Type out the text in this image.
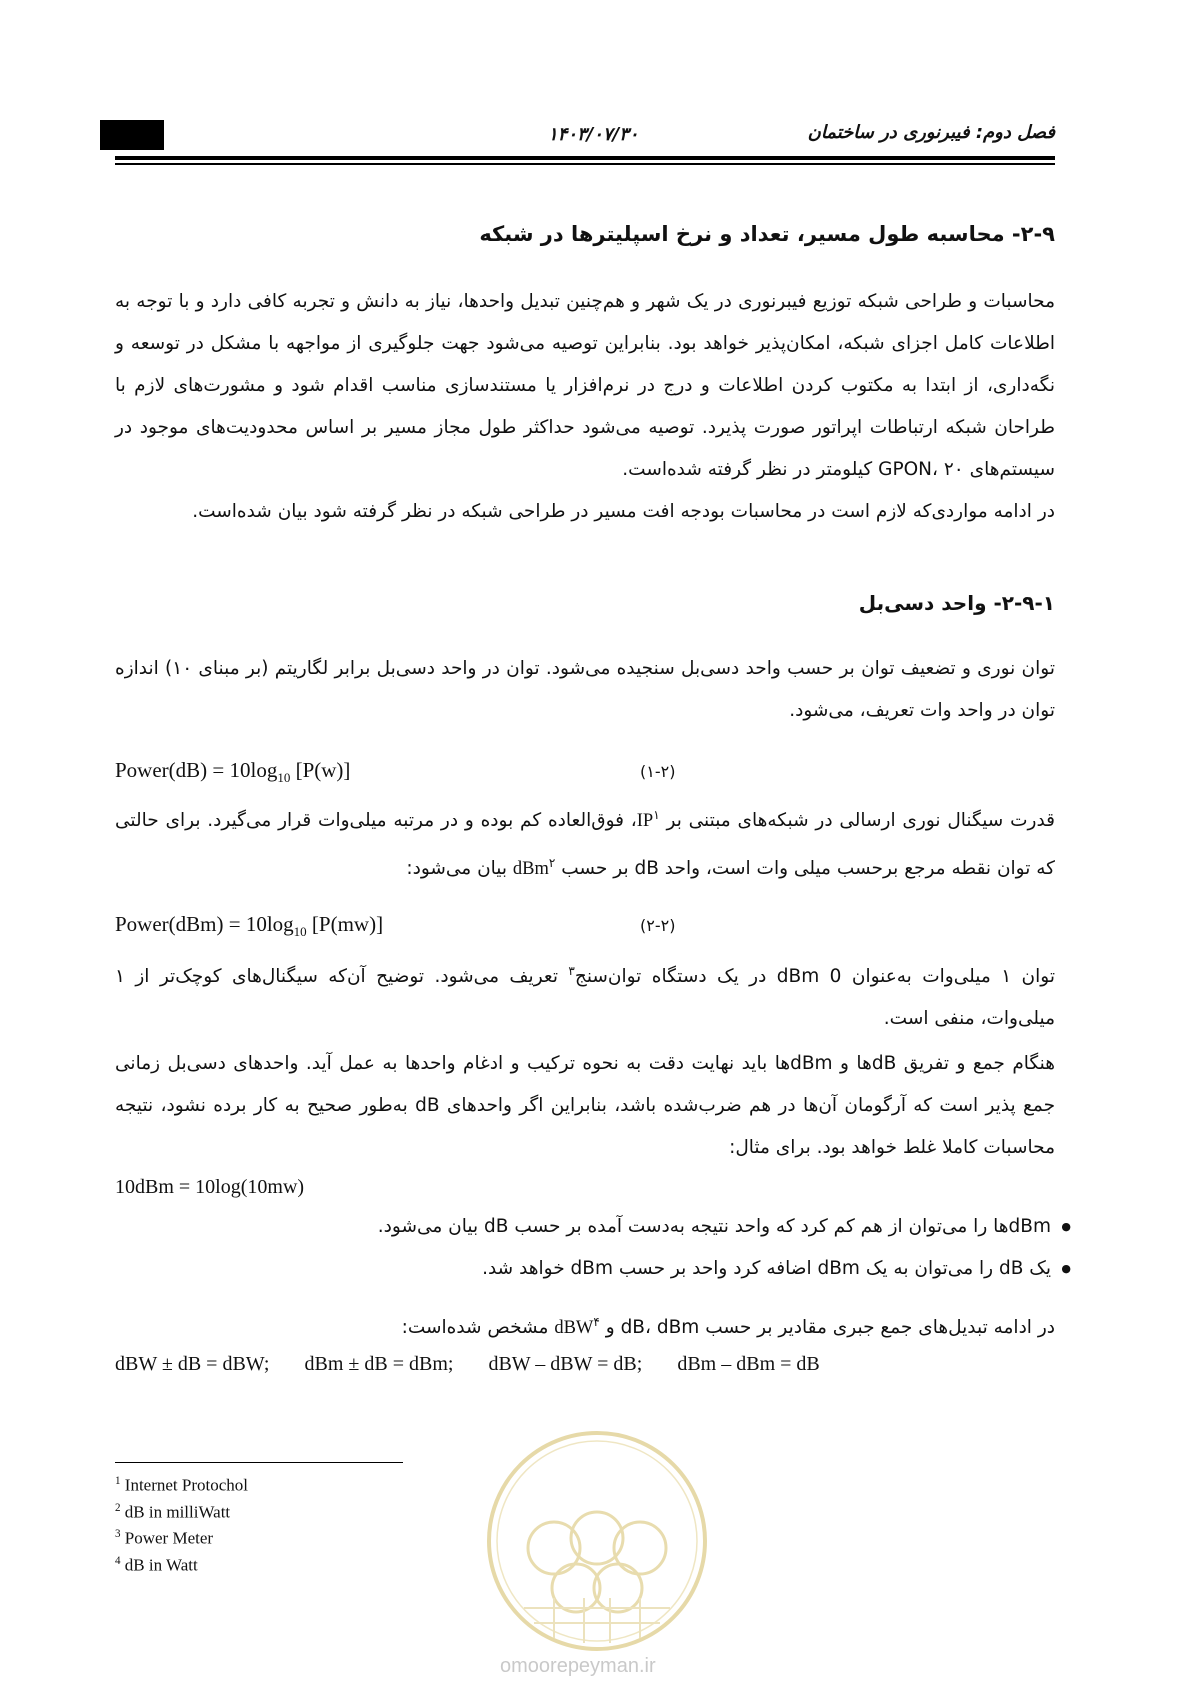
۱۴۰۳/۰۷/۳۰	فصل دوم: فیبرنوری در ساختمان
۲-۹- محاسبه طول مسیر، تعداد و نرخ اسپلیترها در شبکه

محاسبات و طراحی شبکه توزیع فیبرنوری در یک شهر و هم‌چنین تبدیل واحدها، نیاز به دانش و تجربه کافی دارد و با توجه به اطلاعات کامل اجزای شبکه، امکان‌پذیر خواهد بود. بنابراین توصیه می‌شود جهت جلوگیری از مواجهه با مشکل در توسعه و نگه‌داری، از ابتدا به مکتوب کردن اطلاعات و درج در نرم‌افزار یا مستندسازی مناسب اقدام شود و مشورت‌های لازم با طراحان شبکه ارتباطات اپراتور صورت پذیرد. توصیه می‌شود حداکثر طول مجاز مسیر بر اساس محدودیت‌های موجود در سیستم‌های GPON، ۲۰ کیلومتر در نظر گرفته شده‌است.

در ادامه مواردی‌که لازم است در محاسبات بودجه افت مسیر در طراحی شبکه در نظر گرفته شود بیان شده‌است.

۲-۹-۱- واحد دسی‌بل
توان نوری و تضعیف توان بر حسب واحد دسی‌بل سنجیده می‌شود. توان در واحد دسی‌بل برابر لگاریتم (بر مبنای ۱۰) اندازه توان در واحد وات تعریف، می‌شود.
Power(dB) = $10\log_{10}$ [P(w)]	(۱-۲)
قدرت سیگنال نوری ارسالی در شبکه‌های مبتنی بر $IP^۱،$ فوق‌العاده کم بوده و در مرتبه میلی‌وات قرار می‌گیرد. برای حالتی که توان نقطه مرجع برحسب میلی وات است، واحد dB بر حسب dBm$^۲$ بیان می‌شود:
Power(dBm) = $10\log_{10}$ [P(mw)]	(۲-۲)
توان ۱ میلی‌وات به‌عنوان 0 dBm در یک دستگاه توان‌سنج$^۳$ تعریف می‌شود. توضیح آن‌که سیگنال‌های کوچک‌تر از ۱ میلی‌وات، منفی است.
هنگام جمع و تفریق dBها و dBmها باید نهایت دقت به نحوه ترکیب و ادغام واحدها به عمل آید. واحدهای دسی‌بل زمانی جمع پذیر است که آرگومان آن‌ها در هم ضرب‌شده باشد، بنابراین اگر واحدهای dB به‌طور صحیح به کار برده نشود، نتیجه محاسبات کاملا غلط خواهد بود. برای مثال:
10dBm = 10log(10mw)
● dBmها را می‌توان از هم کم کرد که واحد نتیجه به‌دست آمده بر حسب dB بیان می‌شود.
● یک dB را می‌توان به یک dBm اضافه کرد واحد بر حسب dBm خواهد شد.
در ادامه تبدیل‌های جمع جبری مقادیر بر حسب dB، dBm و dBW$^۴$ مشخص شده‌است:
dBW ± dB = dBW; dBm ± dB = dBm; dBW – dBW = dB; dBm – dBm = dB
omoorepeyman.ir
$^1$ Internet Protochol
$^2$ dB in milliWatt
$^3$ Power Meter
$^4$ dB in Watt
